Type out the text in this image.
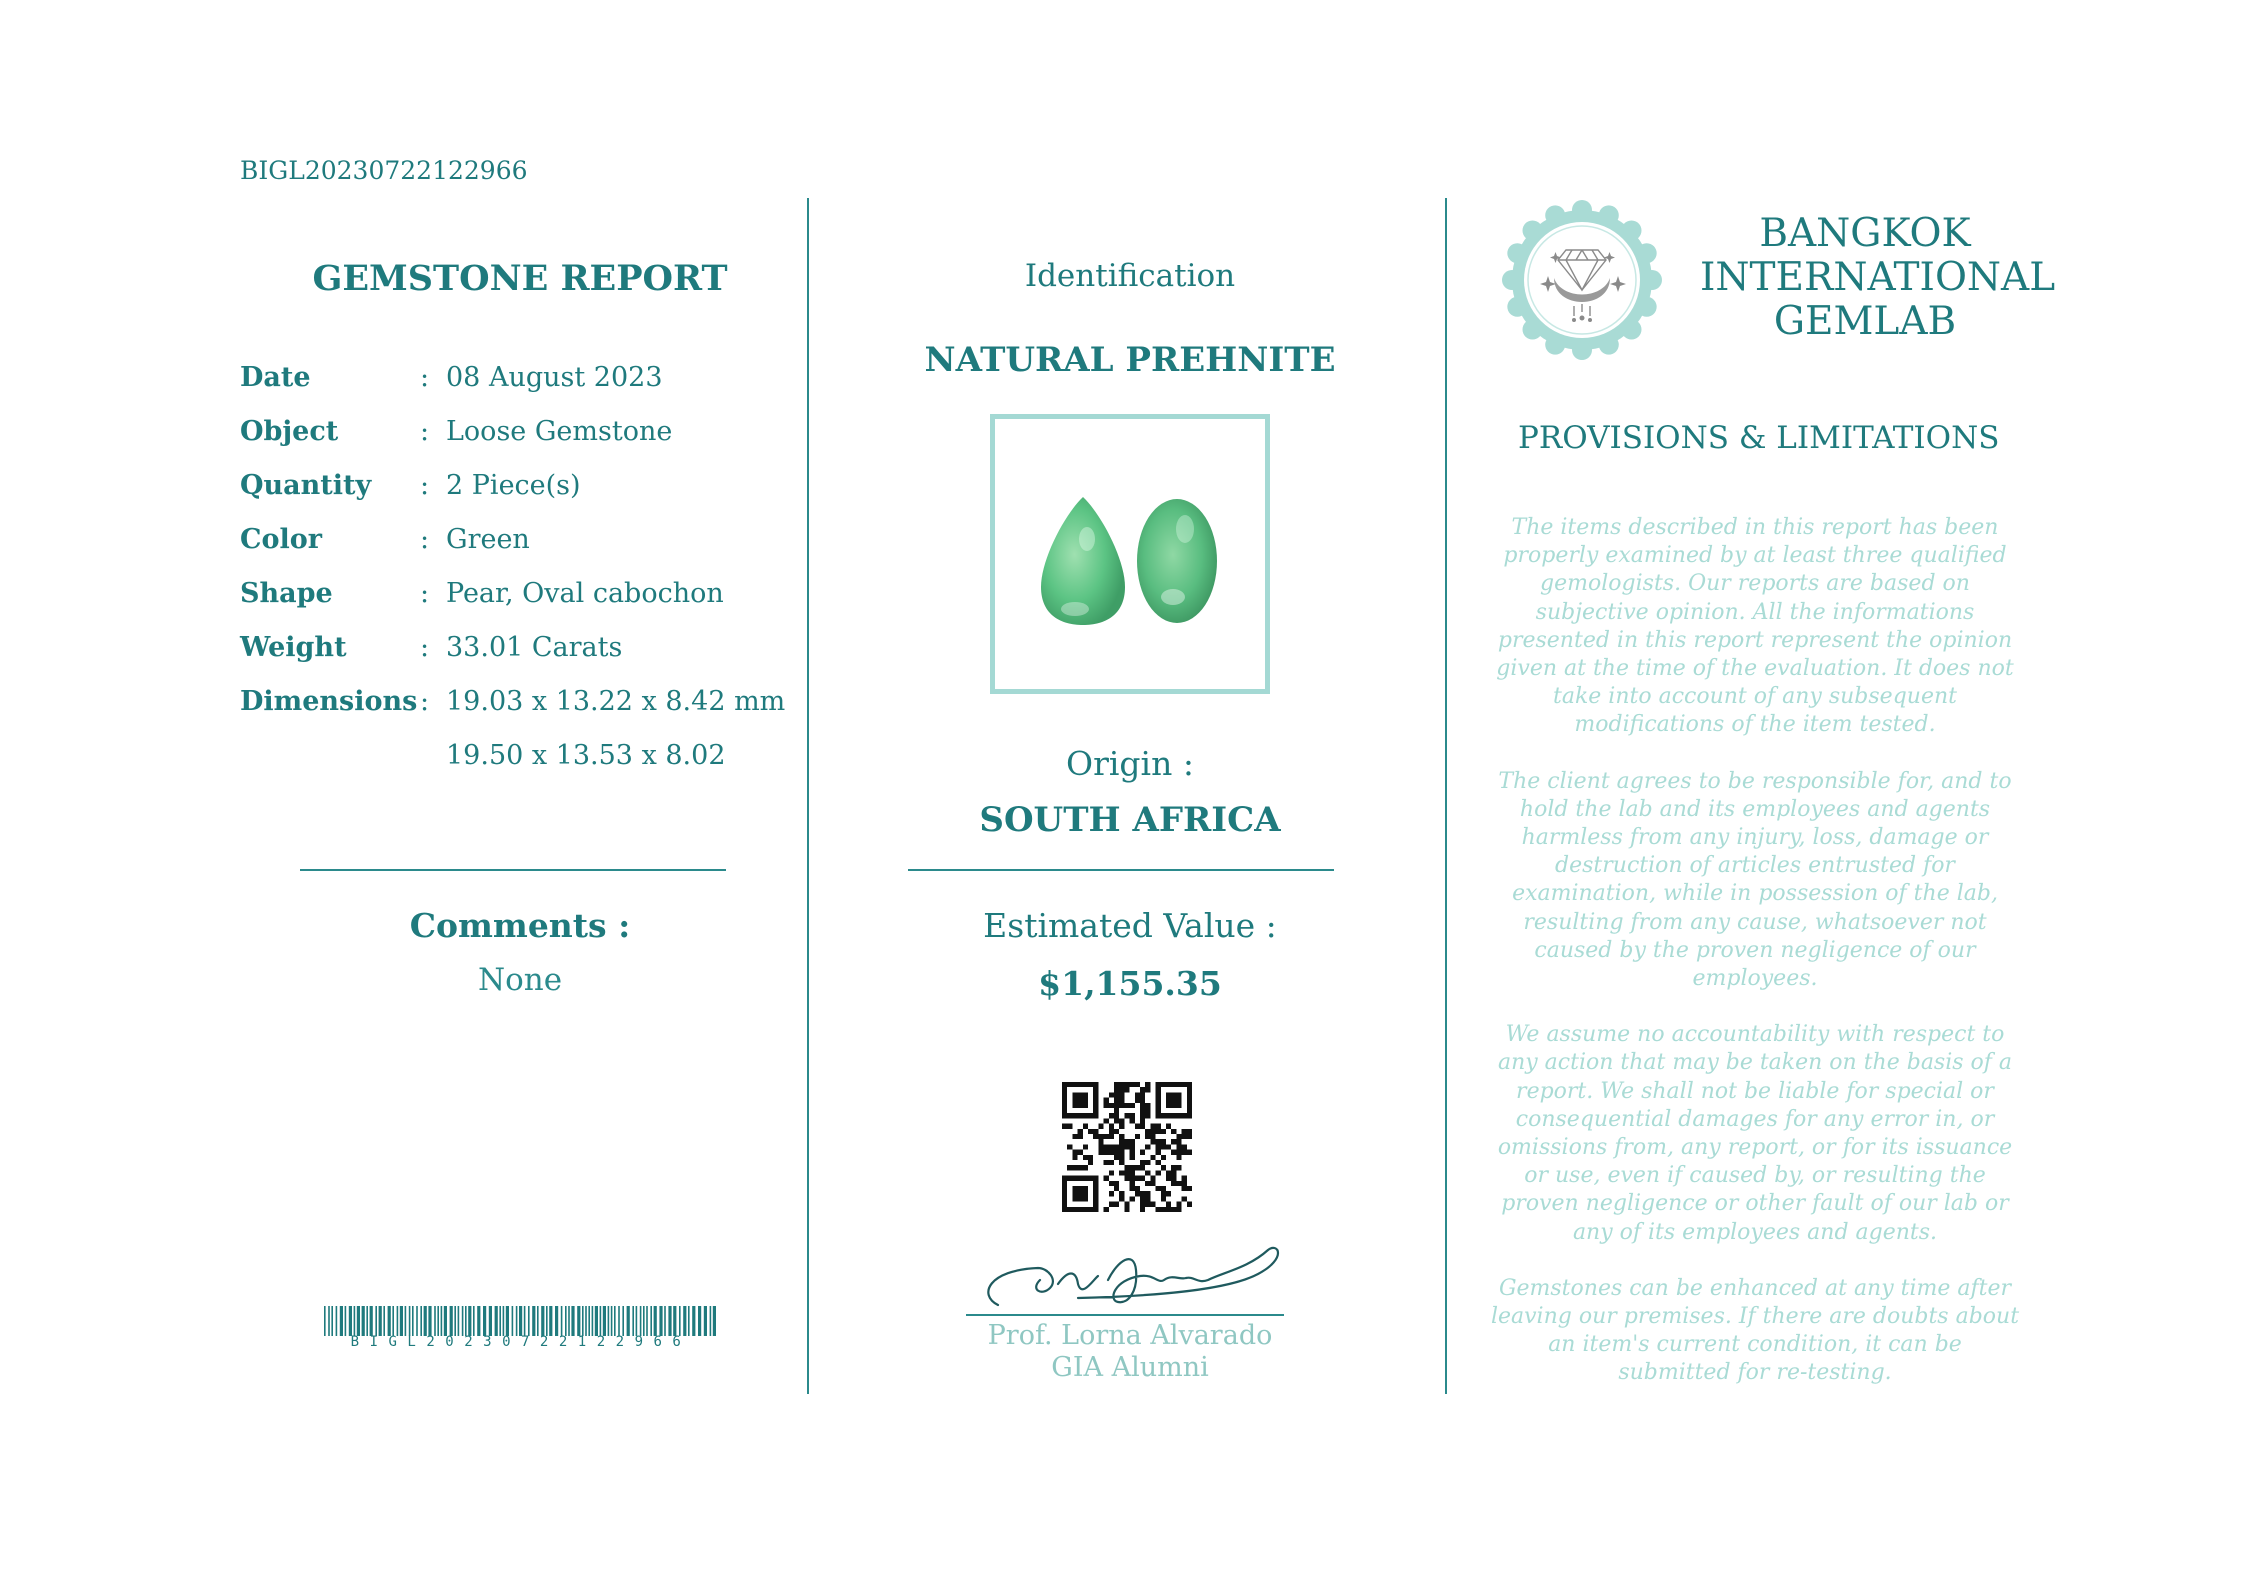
BIGL20230722122966
GEMSTONE REPORT
Date	: 08 August 2023
Object	: Loose Gemstone
Quantity	: 2 Piece(s)
Color	: Green
Shape	: Pear, Oval cabochon
Weight	: 33.01 Carats
Dimensions : 19.03 x 13.22 x 8.42 mm
19.50 x 13.53 x 8.02
Comments :
None
BIGL20230722122966
Identification
NATURAL PREHNITE
Origin :
SOUTH AFRICA
Estimated Value :
$1,155.35
Prof. Lorna Alvarado
GIA Alumni
BANGKOK
INTERNATIONAL
GEMLAB
PROVISIONS & LIMITATIONS

The items described in this report has been properly examined by at least three qualified gemologists. Our reports are based on subjective opinion. All the informations presented in this report represent the opinion given at the time of the evaluation. It does not take into account of any subsequent modifications of the item tested.

The client agrees to be responsible for, and to hold the lab and its employees and agents harmless from any injury, loss, damage or destruction of articles entrusted for examination, while in possession of the lab, resulting from any cause, whatsoever not caused by the proven negligence of our employees.

We assume no accountability with respect to any action that may be taken on the basis of a report. We shall not be liable for special or consequential damages for any error in, or omissions from, any report, or for its issuance or use, even if caused by, or resulting the proven negligence or other fault of our lab or any of its employees and agents.

Gemstones can be enhanced at any time after leaving our premises. If there are doubts about an item's current condition, it can be submitted for re-testing.
